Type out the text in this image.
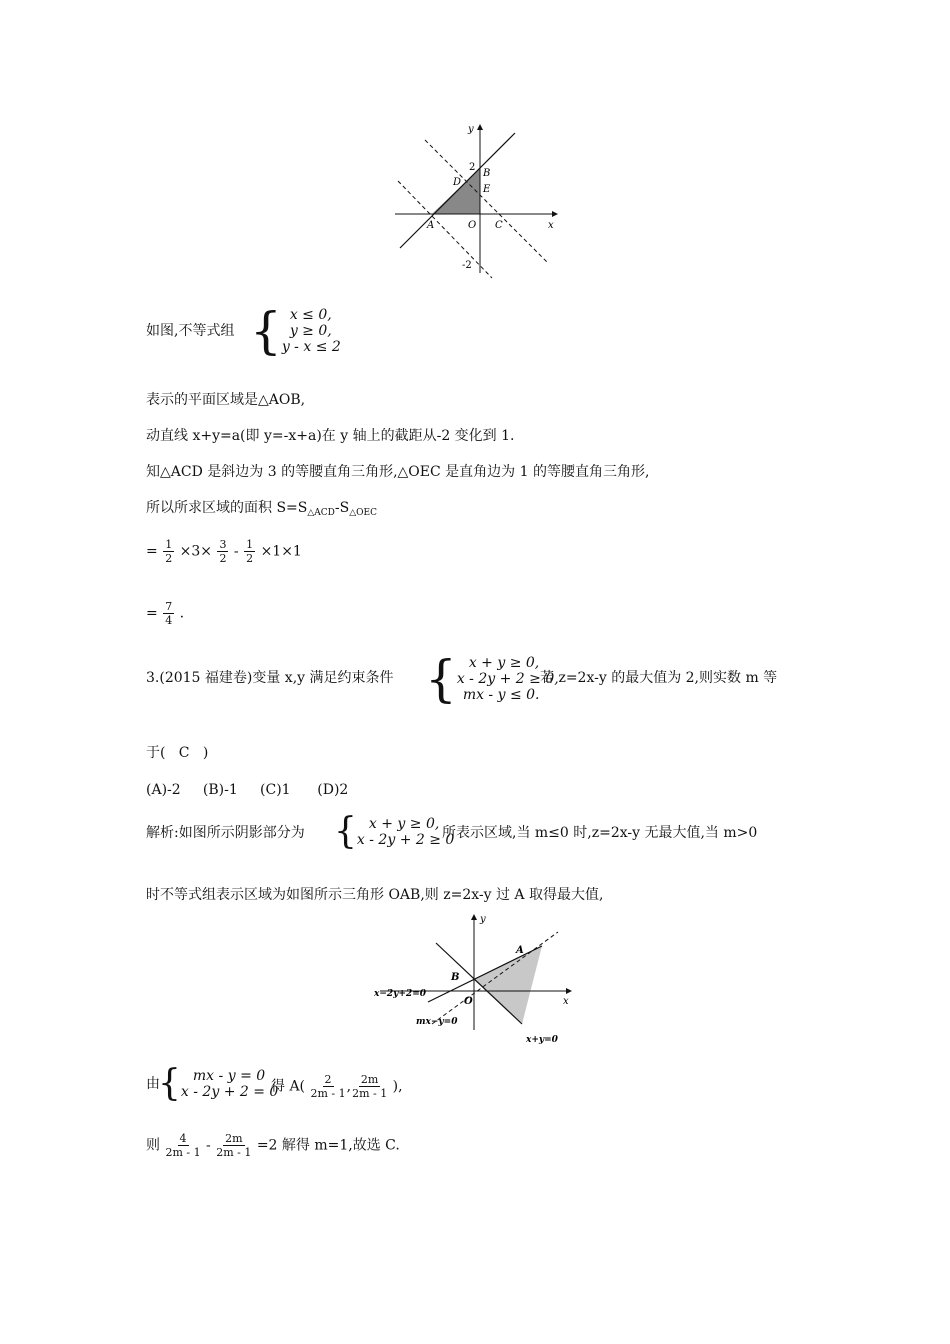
y
x
2
B
D
E
A	O C
-2
如图,不等式组 { x ≤ 0,
y ≥ 0,
y - x ≤ 2
表示的平面区域是△AOB,
动直线 x+y=a(即 y=-x+a)在 y 轴上的截距从-2 变化到 1.
知△ACD 是斜边为 3 的等腰直角三角形,△OEC 是直角边为 1 的等腰直角三角形,
所以所求区域的面积 $S=S_{\triangle ACD}-S_{\triangle OEC}$
= $\frac{1}{2} \times 3\times \frac{3}{2} - \frac{1}{2} \times 1\times 1$
= $\frac{7}{4}$ .
3.(2015 福建卷)变量 x,y 满足约束条件 { x + y ≥ 0,
x - 2y + 2 ≥ 0,
mx - y ≤ 0.
若 z=2x-y 的最大值为 2,则实数 m 等
于(   C   )
(A)-2     (B)-1     (C)1      (D)2
解析:如图所示阴影部分为 { x + y ≥ 0,
x - 2y + 2 ≥ 0
所表示区域,当 m≤0 时,z=2x-y 无最大值,当 m>0
时不等式组表示区域为如图所示三角形 OAB,则 z=2x-y 过 A 取得最大值,
y
x
A
B
O
x−2y+2=0
mx−y=0
x+y=0
由
{ mx - y = 0
x - 2y + 2 = 0
得 $A( \frac{2}{2m - 1}$ , $\frac{2m}{2m - 1}$ ),
则 $\frac{4}{2m - 1} - \frac{2m}{2m - 1} =2$ 解得 m=1,故选 C.
